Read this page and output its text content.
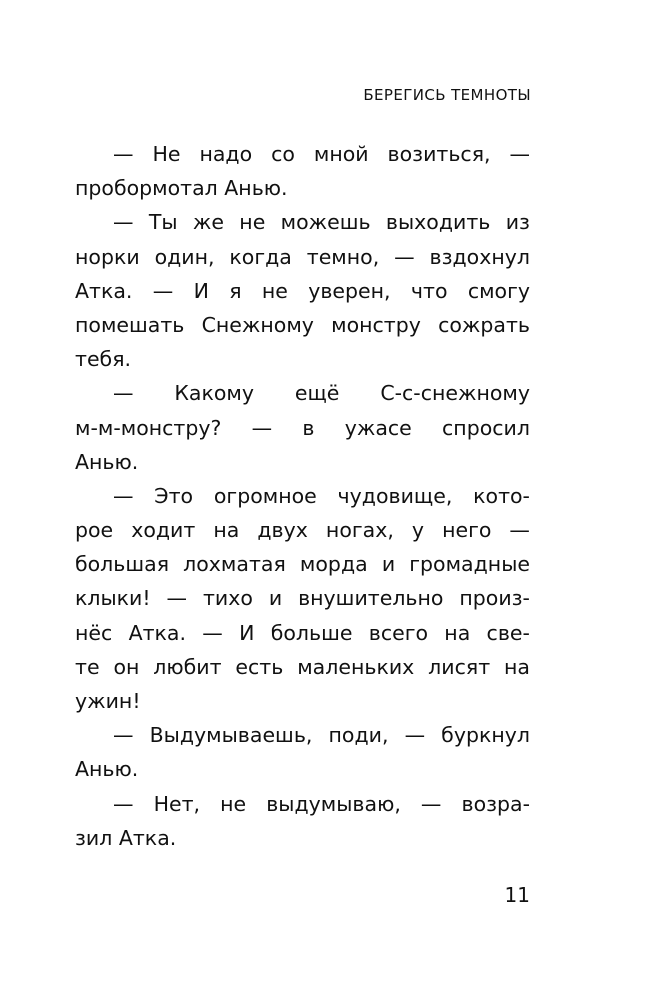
БЕРЕГИСЬ ТЕМНОТЫ
— Не надо со мной возиться, —
пробормотал Анью.
— Ты же не можешь выходить из
норки один, когда темно, — вздохнул
Атка. — И я не уверен, что смогу
помешать Снежному монстру сожрать
тебя.
— Какому ещё С-с-снежному
м-м-монстру? — в ужасе спросил
Анью.
— Это огромное чудовище, кото-
рое ходит на двух ногах, у него —
большая лохматая морда и громадные
клыки! — тихо и внушительно произ-
нёс Атка. — И больше всего на све-
те он любит есть маленьких лисят на
ужин!
— Выдумываешь, поди, — буркнул
Анью.
— Нет, не выдумываю, — возра-
зил Атка.
11
